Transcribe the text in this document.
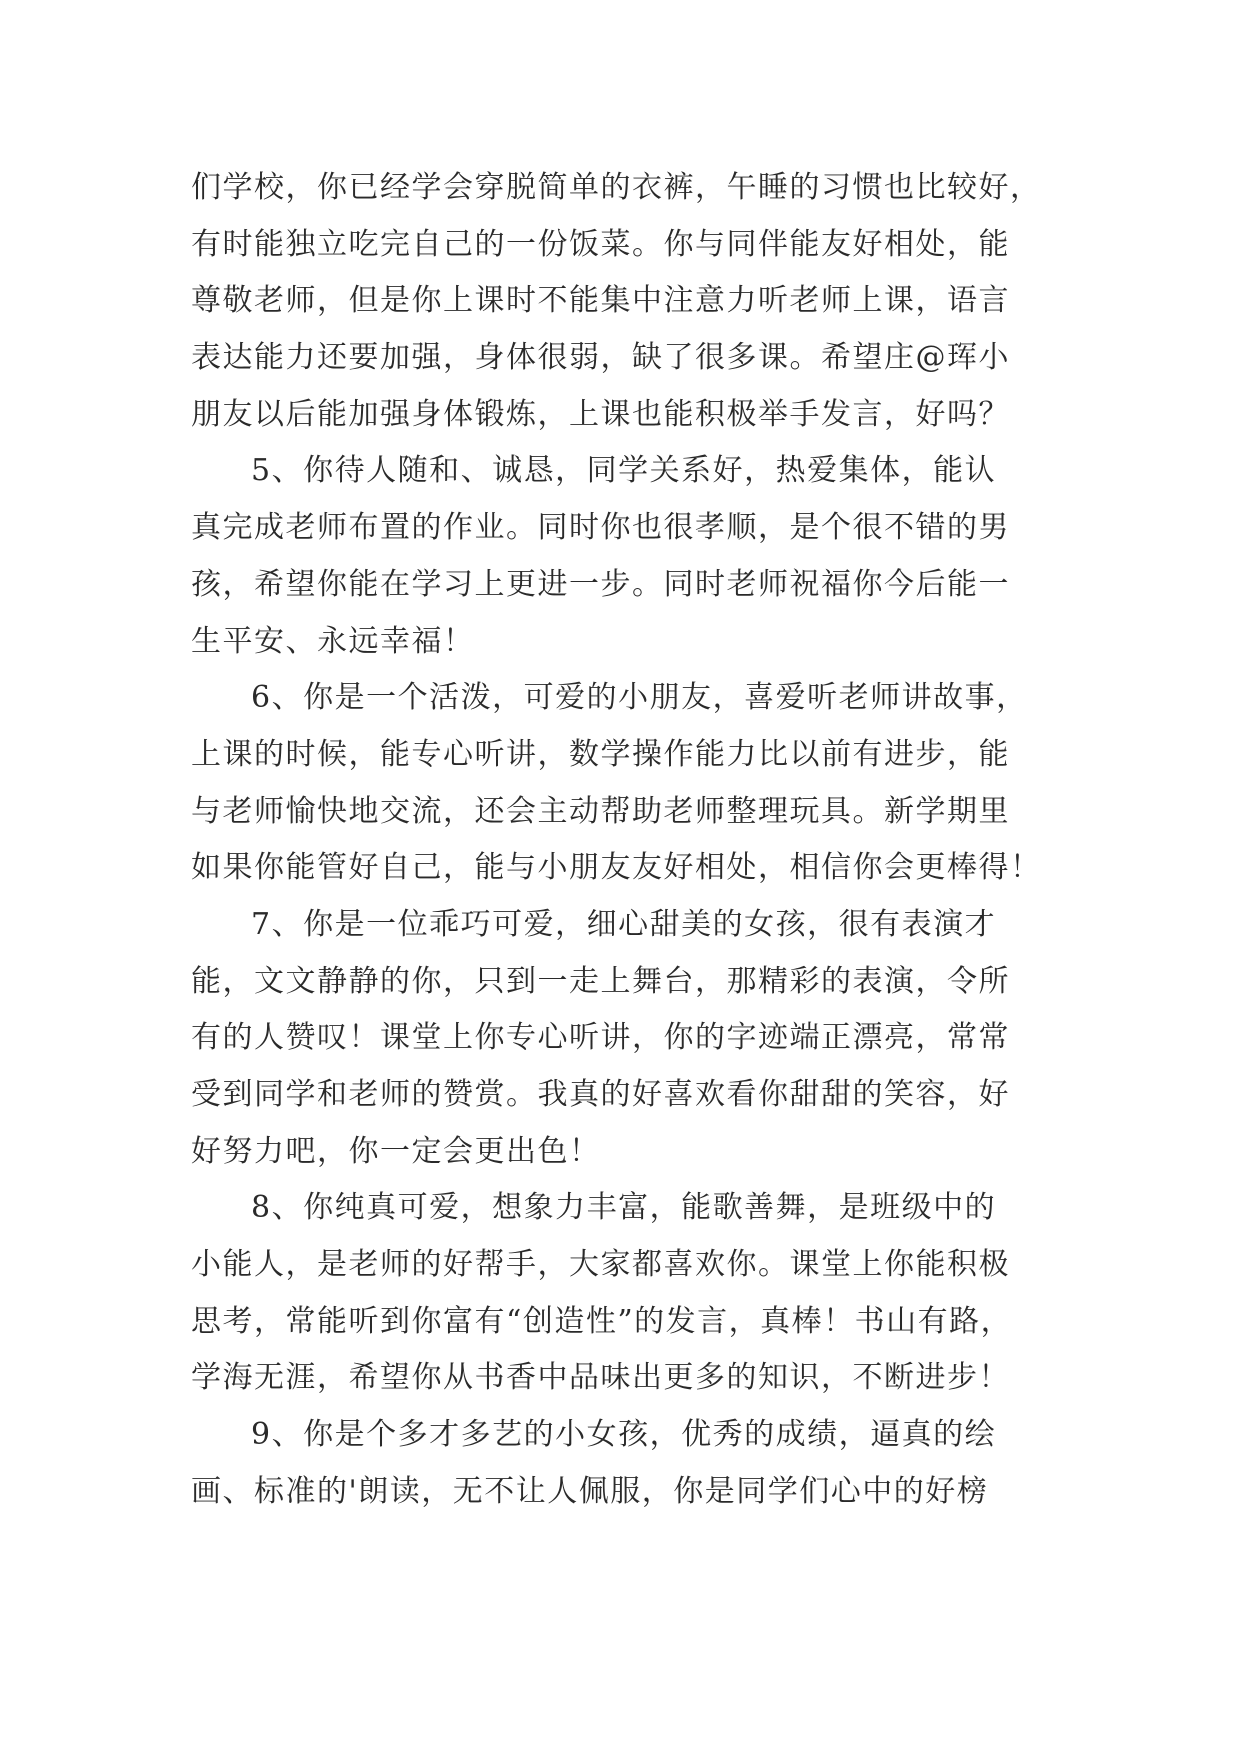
们学校，你已经学会穿脱简单的衣裤，午睡的习惯也比较好，
有时能独立吃完自己的一份饭菜。你与同伴能友好相处，能
尊敬老师，但是你上课时不能集中注意力听老师上课，语言
表达能力还要加强，身体很弱，缺了很多课。希望庄@珲小
朋友以后能加强身体锻炼，上课也能积极举手发言，好吗？
5、你待人随和、诚恳，同学关系好，热爱集体，能认
真完成老师布置的作业。同时你也很孝顺，是个很不错的男
孩，希望你能在学习上更进一步。同时老师祝福你今后能一
生平安、永远幸福！
6、你是一个活泼，可爱的小朋友，喜爱听老师讲故事，
上课的时候，能专心听讲，数学操作能力比以前有进步，能
与老师愉快地交流，还会主动帮助老师整理玩具。新学期里
如果你能管好自己，能与小朋友友好相处，相信你会更棒得！
7、你是一位乖巧可爱，细心甜美的女孩，很有表演才
能，文文静静的你，只到一走上舞台，那精彩的表演，令所
有的人赞叹！课堂上你专心听讲，你的字迹端正漂亮，常常
受到同学和老师的赞赏。我真的好喜欢看你甜甜的笑容，好
好努力吧，你一定会更出色！
8、你纯真可爱，想象力丰富，能歌善舞，是班级中的
小能人，是老师的好帮手，大家都喜欢你。课堂上你能积极
思考，常能听到你富有“创造性”的发言，真棒！书山有路，
学海无涯，希望你从书香中品味出更多的知识，不断进步！
9、你是个多才多艺的小女孩，优秀的成绩，逼真的绘
画、标准的'朗读，无不让人佩服，你是同学们心中的好榜
